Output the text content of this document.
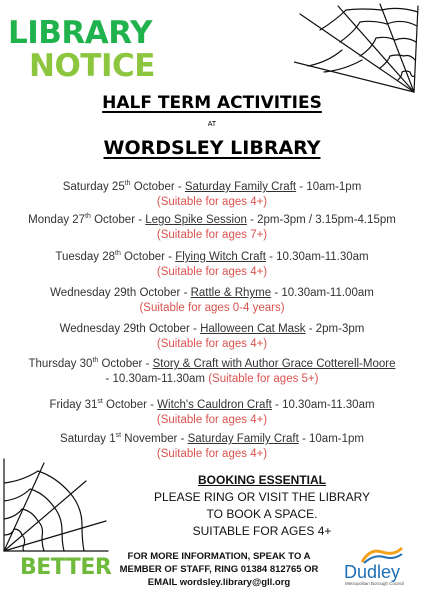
LIBRARY
NOTICE
HALF TERM ACTIVITIES
AT
WORDSLEY LIBRARY
Saturday 25th October - Saturday Family Craft - 10am-1pm
(Suitable for ages 4+)
Monday 27th October - Lego Spike Session - 2pm-3pm / 3.15pm-4.15pm
(Suitable for ages 7+)
Tuesday 28th October - Flying Witch Craft - 10.30am-11.30am
(Suitable for ages 4+)
Wednesday 29th October - Rattle & Rhyme - 10.30am-11.00am
(Suitable for ages 0-4 years)
Wednesday 29th October - Halloween Cat Mask - 2pm-3pm
(Suitable for ages 4+)
Thursday 30th October - Story & Craft with Author Grace Cotterell-Moore
- 10.30am-11.30am (Suitable for ages 5+)
Friday 31st October - Witch's Cauldron Craft - 10.30am-11.30am
(Suitable for ages 4+)
Saturday 1st November - Saturday Family Craft - 10am-1pm
(Suitable for ages 4+)
BOOKING ESSENTIAL
PLEASE RING OR VISIT THE LIBRARY
TO BOOK A SPACE.
SUITABLE FOR AGES 4+
FOR MORE INFORMATION, SPEAK TO A
MEMBER OF STAFF, RING 01384 812765 OR
EMAIL wordsley.library@gll.org
BETTER	Dudley
Metropolitan Borough Council
